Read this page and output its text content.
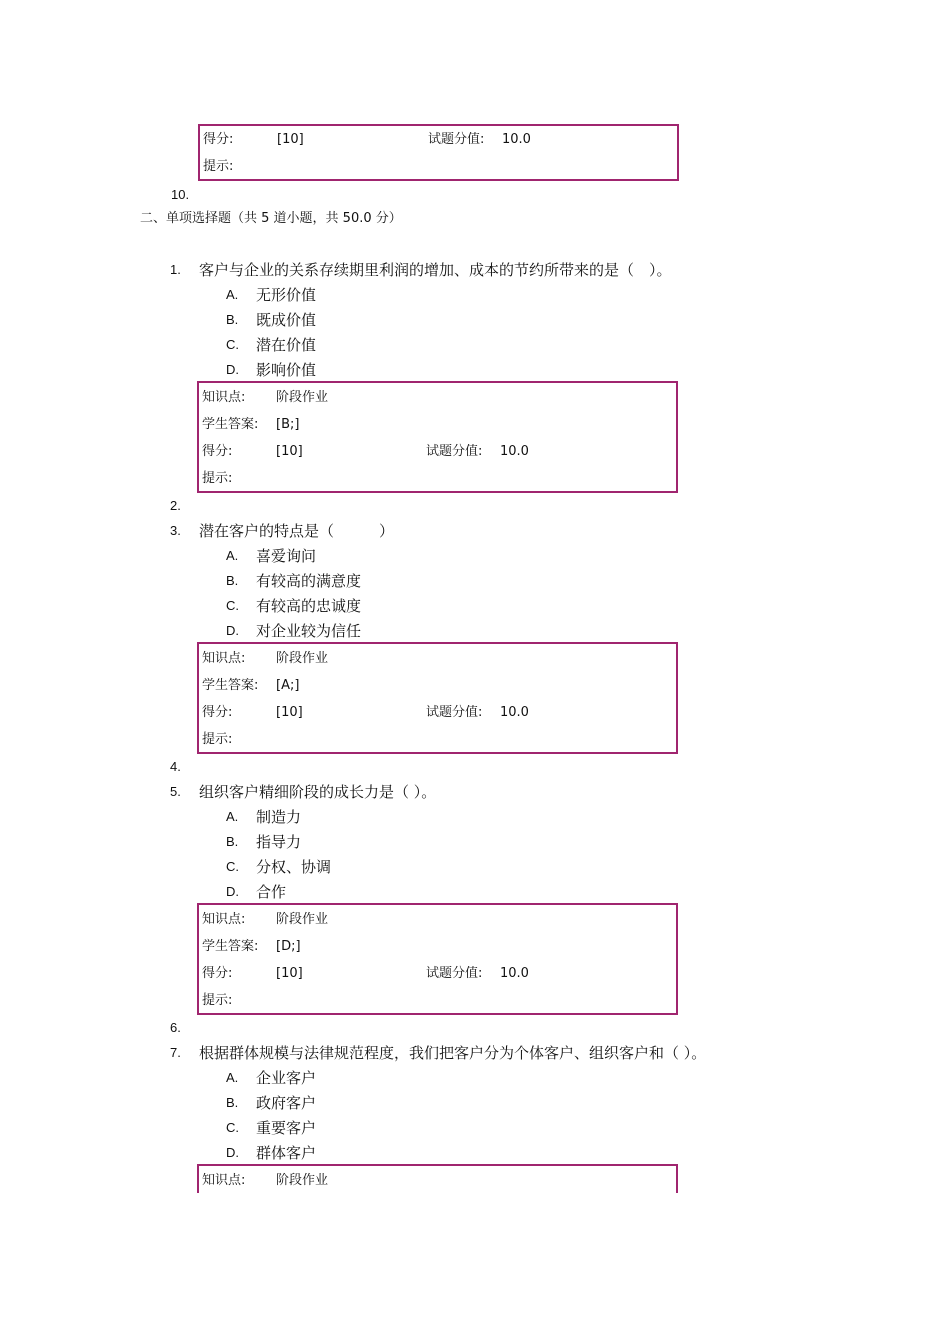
得分:	[10]	试题分值: 10.0
提示:
10.
二、单项选择题（共 5 道小题，共 50.0 分）
1. 客户与企业的关系存续期里利润的增加、成本的节约所带来的是（　）。
A. 无形价值
B. 既成价值
C. 潜在价值
D. 影响价值
知识点: 阶段作业
学生答案: [B;]
得分:	[10]	试题分值: 10.0
提示:
2.
3. 潜在客户的特点是（　　　）
A. 喜爱询问
B. 有较高的满意度
C. 有较高的忠诚度
D. 对企业较为信任
知识点: 阶段作业
学生答案: [A;]
得分:	[10]	试题分值: 10.0
提示:
4.
5. 组织客户精细阶段的成长力是（ ）。
A. 制造力
B. 指导力
C. 分权、协调
D. 合作
知识点: 阶段作业
学生答案: [D;]
得分:	[10]	试题分值: 10.0
提示:
6.
7. 根据群体规模与法律规范程度，我们把客户分为个体客户、组织客户和（ ）。
A. 企业客户
B. 政府客户
C. 重要客户
D. 群体客户
知识点: 阶段作业
